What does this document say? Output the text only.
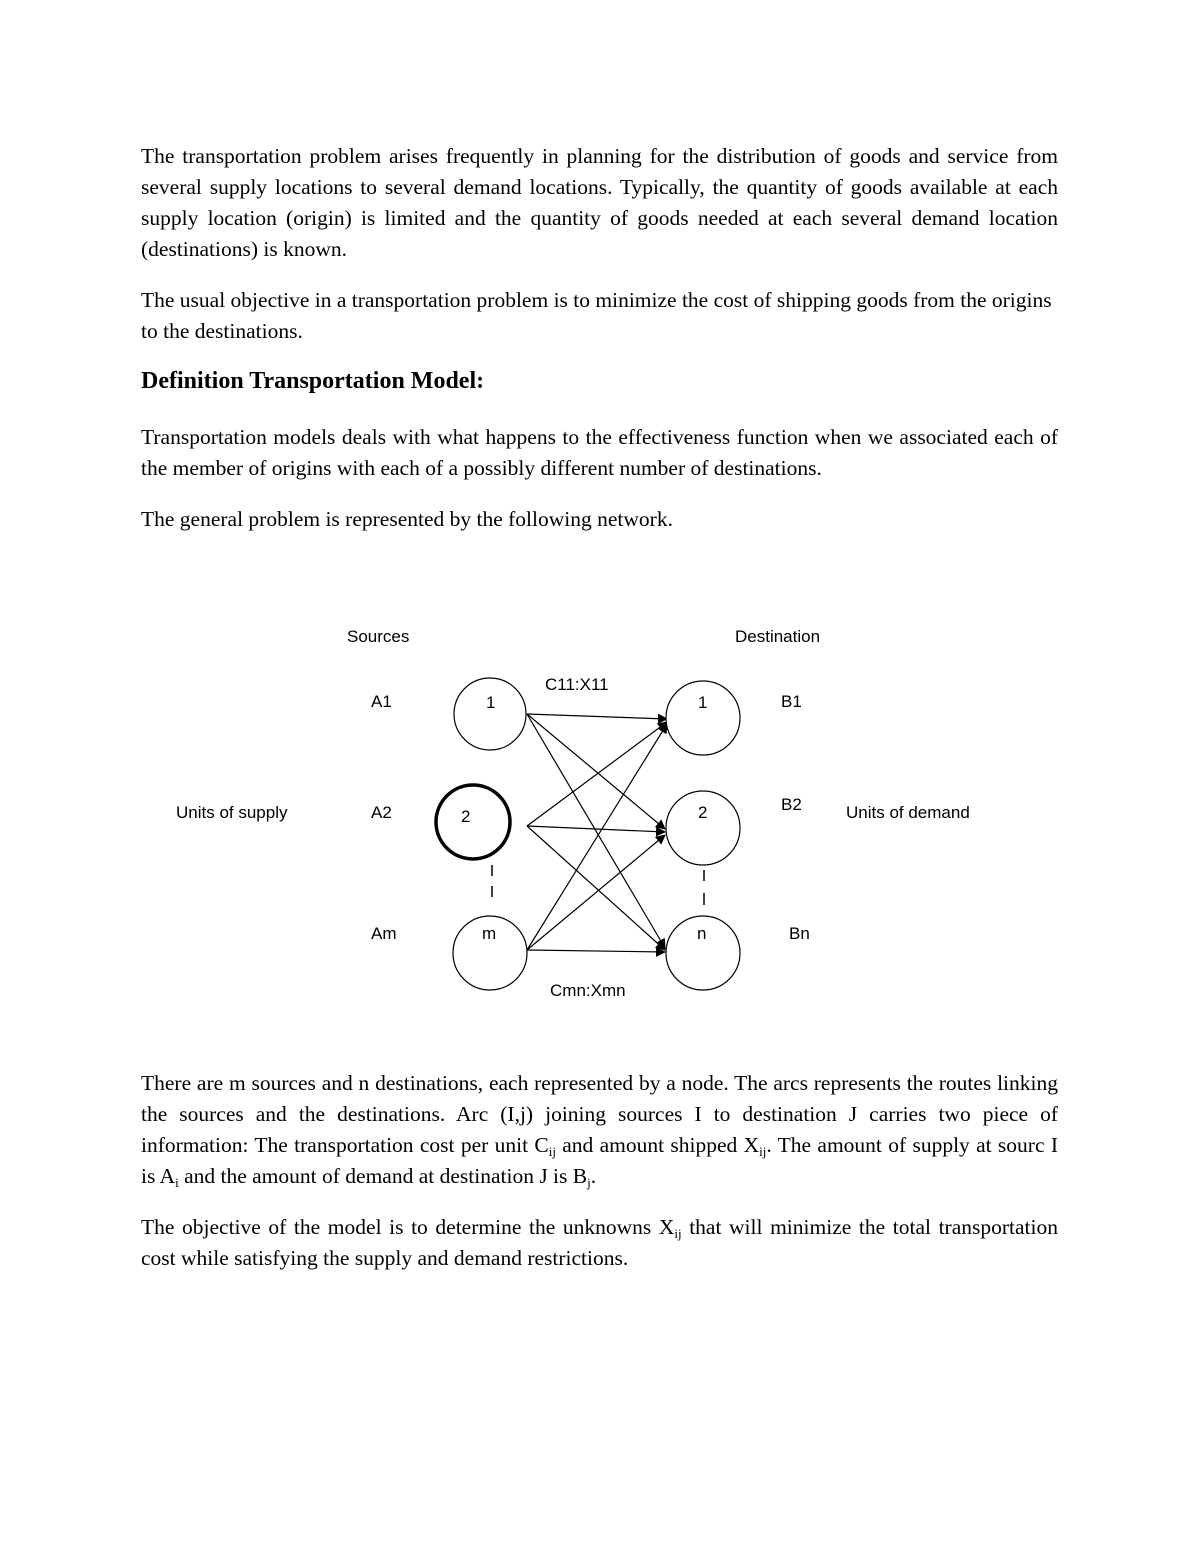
The transportation problem arises frequently in planning for the distribution of goods and service from several supply locations to several demand locations. Typically, the quantity of goods available at each supply location (origin) is limited and the quantity of goods needed at each several demand location (destinations) is known.

The usual objective in a transportation problem is to minimize the cost of shipping goods from the origins to the destinations.

Definition Transportation Model:

Transportation models deals with what happens to the effectiveness function when we associated each of the member of origins with each of a possibly different number of destinations.

The general problem is represented by the following network.

Sources	Destination
Units of supply	Units of demand
A1
A2
Am
B1
B2
Bn
C11:X11
Cmn:Xmn
1
2
m
1
2
n

There are m sources and n destinations, each represented by a node. The arcs represents the routes linking the sources and the destinations. Arc (I,j) joining sources I to destination J carries two piece of information: The transportation cost per unit $C_{ij}$ and amount shipped $X_{ij}$. The amount of supply at sourc I is $A_i$ and the amount of demand at destination J is $B_j$.

The objective of the model is to determine the unknowns $X_{ij}$ that will minimize the total transportation cost while satisfying the supply and demand restrictions.
